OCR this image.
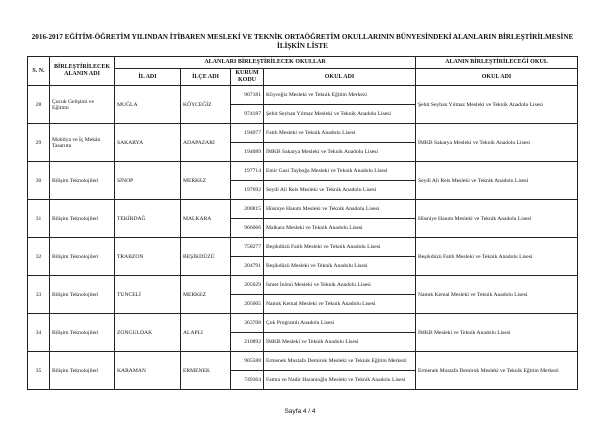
2016-2017 EĞİTİM-ÖĞRETİM YILINDAN İTİBAREN MESLEKİ VE TEKNİK ORTAÖĞRETİM OKULLARININ BÜNYESİNDEKİ ALANLARIN BİRLEŞTİRİLMESİNE
İLİŞKİN LİSTE
S. N.	BİRLEŞTİRİLECEK ALANIN ADI	ALANLARI BİRLEŞTİRİLECEK OKULLAR				ALANIN BİRLEŞTİRİLECEĞİ OKUL
		İL ADI	İLÇE ADI	KURUM KODU	OKUL ADI	OKUL ADI
28	Çocuk Gelişimi ve Eğitimi	MUĞLA	KÖYCEĞİZ	907181	Köyceğiz Mesleki ve Teknik Eğitim Merkezi	Şehit Seyhan Yılmaz Mesleki ve Teknik Anadolu Lisesi
				974187	Şehit Seyhan Yılmaz Mesleki ve Teknik Anadolu Lisesi	
29	Mobilya ve İç Mekân Tasarımı	SAKARYA	ADAPAZARI	194077	Fatih Mesleki ve Teknik Anadolu Lisesi	İMKB Sakarya Mesleki ve Teknik Anadolu Lisesi
				194089	İMKB Sakarya Mesleki ve Teknik Anadolu Lisesi	
30	Bilişim Teknolojileri	SİNOP	MERKEZ	197714	Emir Gazi Tayboğa Mesleki ve Teknik Anadolu Lisesi	Seydi Ali Reis Mesleki ve Teknik Anadolu Lisesi
				197692	Seydi Ali Reis Mesleki ve Teknik Anadolu Lisesi	
31	Bilişim Teknolojileri	TEKİRDAĞ	MALKARA	200815	Hüsniye Hanım Mesleki ve Teknik Anadolu Lisesi	Hüsniye Hanım Mesleki ve Teknik Anadolu Lisesi
				966066	Malkara Mesleki ve Teknik Anadolu Lisesi	
32	Bilişim Teknolojileri	TRABZON	BEŞİKDÜZÜ	758277	Beşikdüzü Fatih Mesleki ve Teknik Anadolu Lisesi	Beşikdüzü Fatih Mesleki ve Teknik Anadolu Lisesi
				204791	Beşikdüzü Mesleki ve Teknik Anadolu Lisesi	
33	Bilişim Teknolojileri	TUNCELİ	MERKEZ	205029	İsmet İnönü Mesleki ve Teknik Anadolu Lisesi	Namık Kemal Mesleki ve Teknik Anadolu Lisesi
				205005	Namık Kemal Mesleki ve Teknik Anadolu Lisesi	
34	Bilişim Teknolojileri	ZONGULDAK	ALAPLI	363708	Çok Programlı Anadolu Lisesi	İMKB Mesleki ve Teknik Anadolu Lisesi
				210892	İMKB Mesleki ve Teknik Anadolu Lisesi	
35	Bilişim Teknolojileri	KARAMAN	ERMENEK	905588	Ermenek Mustafa Demirok Mesleki ve Teknik Eğitim Merkezi	Ermenek Mustafa Demirok Mesleki ve Teknik Eğitim Merkezi
				749364	Fatma ve Nadir Haranioğlu Mesleki ve Teknik Anadolu Lisesi	
Sayfa 4 / 4
